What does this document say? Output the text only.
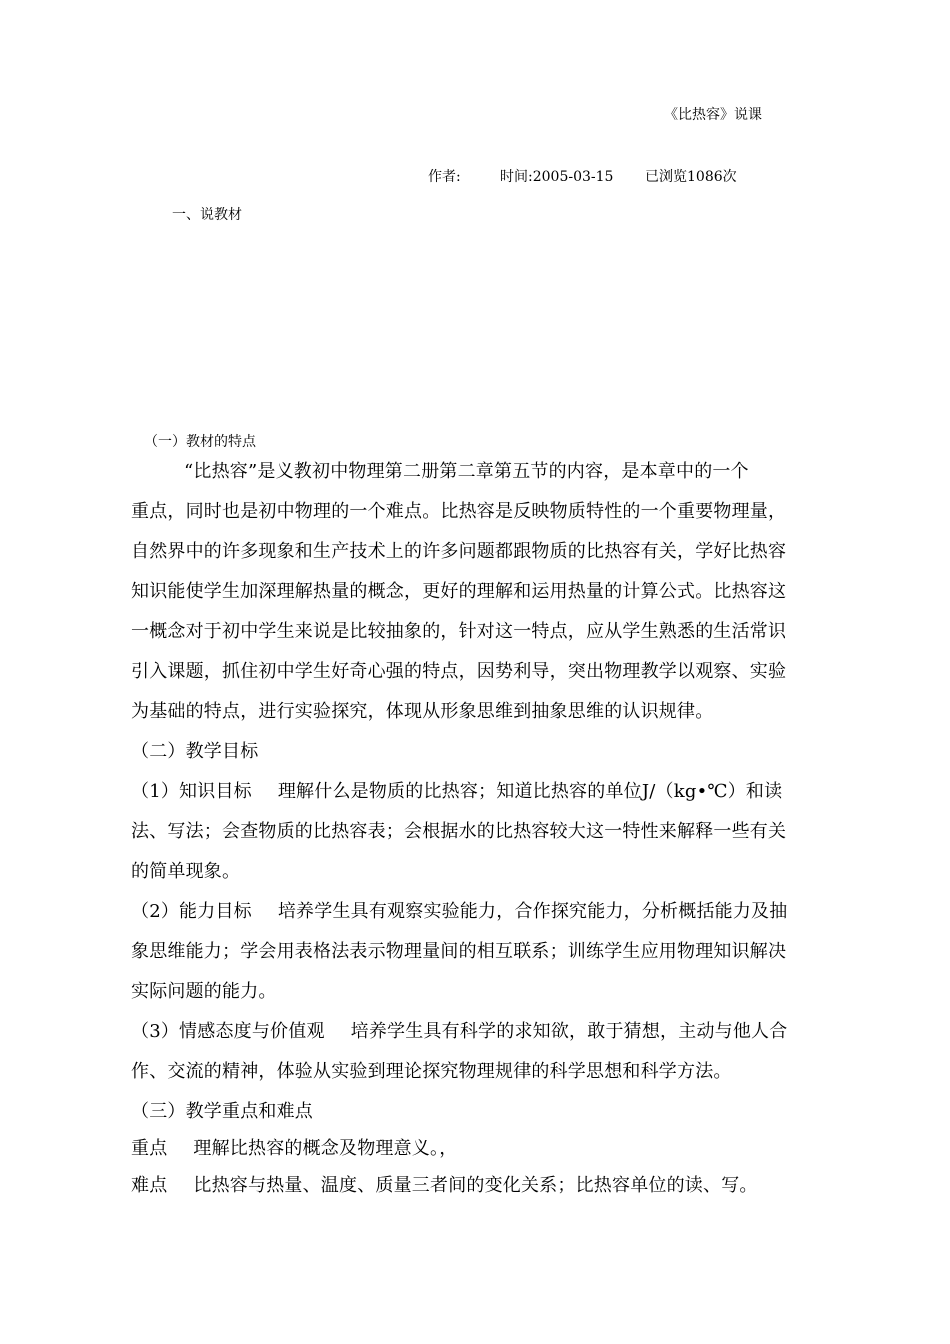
《比热容》说课
作者:	时间:2005-03-15 已浏览1086次
一、说教材
（一）教材的特点
“比热容”是义教初中物理第二册第二章第五节的内容，是本章中的一个
重点，同时也是初中物理的一个难点。比热容是反映物质特性的一个重要物理量，
自然界中的许多现象和生产技术上的许多问题都跟物质的比热容有关，学好比热容
知识能使学生加深理解热量的概念，更好的理解和运用热量的计算公式。比热容这
一概念对于初中学生来说是比较抽象的，针对这一特点，应从学生熟悉的生活常识
引入课题，抓住初中学生好奇心强的特点，因势利导，突出物理教学以观察、实验
为基础的特点，进行实验探究，体现从形象思维到抽象思维的认识规律。
（二）教学目标
（1）知识目标 理解什么是物质的比热容；知道比热容的单位J/（kg•℃）和读
法、写法；会查物质的比热容表；会根据水的比热容较大这一特性来解释一些有关
的简单现象。
（2）能力目标 培养学生具有观察实验能力，合作探究能力，分析概括能力及抽
象思维能力；学会用表格法表示物理量间的相互联系；训练学生应用物理知识解决
实际问题的能力。
（3）情感态度与价值观 培养学生具有科学的求知欲，敢于猜想，主动与他人合
作、交流的精神，体验从实验到理论探究物理规律的科学思想和科学方法。
（三）教学重点和难点
重点 理解比热容的概念及物理意义。，
难点 比热容与热量、温度、质量三者间的变化关系；比热容单位的读、写。
